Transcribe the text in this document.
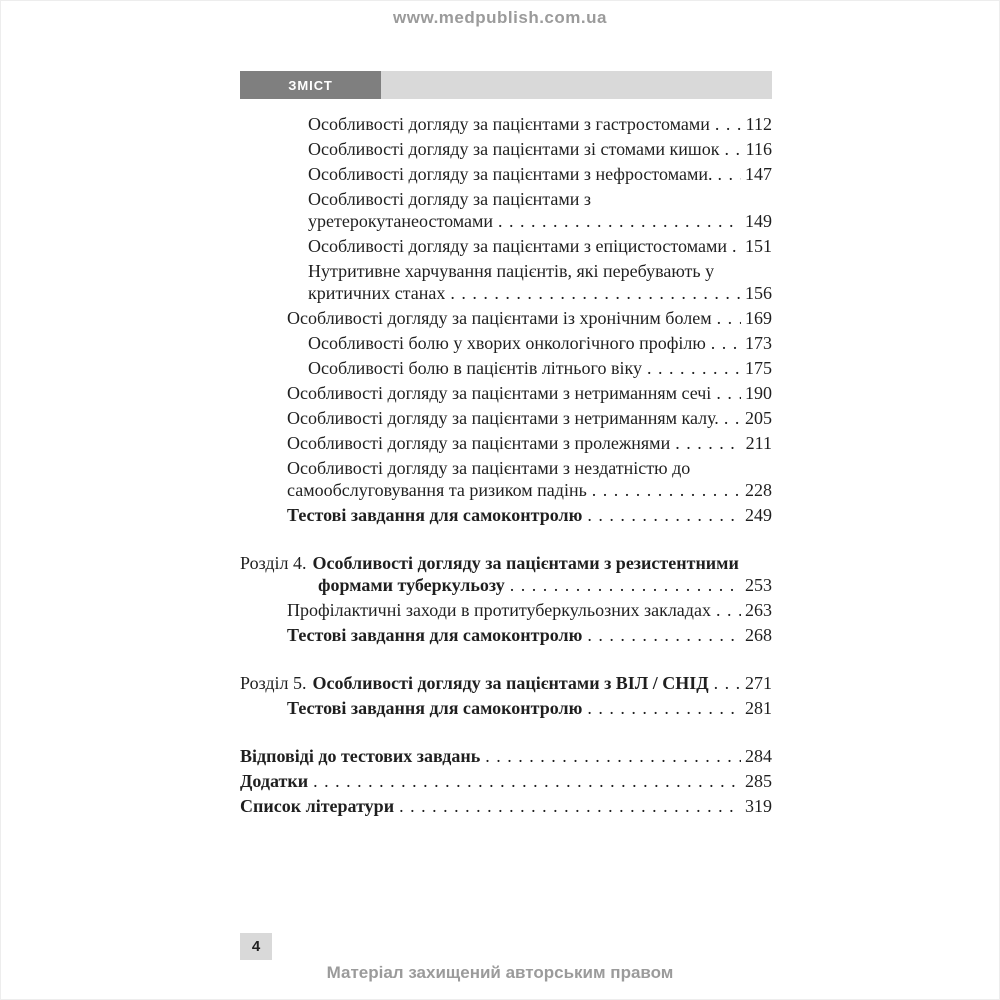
www.medpublish.com.ua
ЗМІСТ
Особливості догляду за пацієнтами з гастростомами . . . 112
Особливості догляду за пацієнтами зі стомами кишок . . . 116
Особливості догляду за пацієнтами з нефростомами. . . . 147
Особливості догляду за пацієнтами з
уретерокутанеостомами . . .	149
Особливості догляду за пацієнтами з епіцистостомами . . . 151
Нутритивне харчування пацієнтів, які перебувають у
критичних станах . . .	156
Особливості догляду за пацієнтами із хронічним болем . . . 169
Особливості болю у хворих онкологічного профілю . . . 173
Особливості болю в пацієнтів літнього віку . . .	175
Особливості догляду за пацієнтами з нетриманням сечі . . . 190
Особливості догляду за пацієнтами з нетриманням калу. . . . 205
Особливості догляду за пацієнтами з пролежнями . . .	211
Особливості догляду за пацієнтами з нездатністю до
самообслуговування та ризиком падінь . . .	228
Тестові завдання для самоконтролю . . .	249
Розділ 4. Особливості догляду за пацієнтами з резистентними
формами туберкульозу . . .	253
Профілактичні заходи в протитуберкульозних закладах . . . 263
Тестові завдання для самоконтролю . . .	268
Розділ 5. Особливості догляду за пацієнтами з ВІЛ / СНІД . . . 271
Тестові завдання для самоконтролю . . .	281
Відповіді до тестових завдань . . .	284
Додатки . . .	285
Список літератури . . .	319
4
Матеріал захищений авторським правом
